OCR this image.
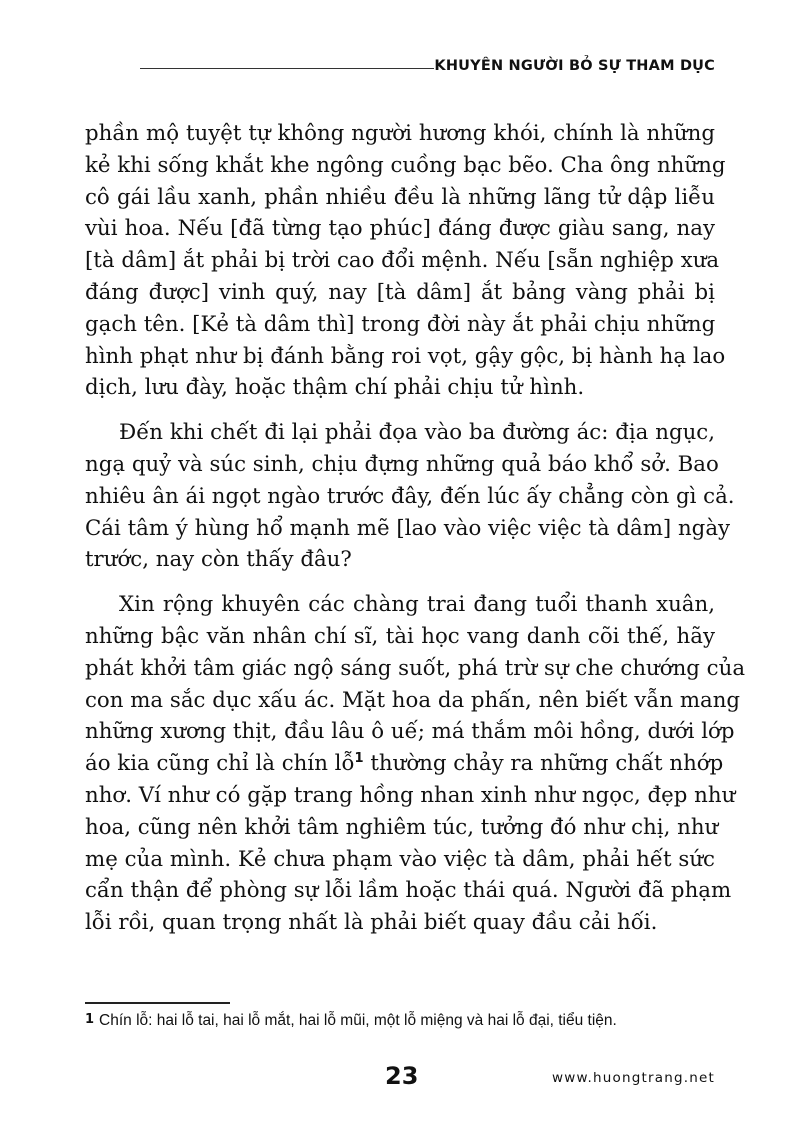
KHUYÊN NGƯỜI BỎ SỰ THAM DỤC
phần mộ tuyệt tự không người hương khói, chính là những
kẻ khi sống khắt khe ngông cuồng bạc bẽo. Cha ông những
cô gái lầu xanh, phần nhiều đều là những lãng tử dập liễu
vùi hoa. Nếu [đã từng tạo phúc] đáng được giàu sang, nay
[tà dâm] ắt phải bị trời cao đổi mệnh. Nếu [sẵn nghiệp xưa
đáng được] vinh quý, nay [tà dâm] ắt bảng vàng phải bị
gạch tên. [Kẻ tà dâm thì] trong đời này ắt phải chịu những
hình phạt như bị đánh bằng roi vọt, gậy gộc, bị hành hạ lao
dịch, lưu đày, hoặc thậm chí phải chịu tử hình.
Đến khi chết đi lại phải đọa vào ba đường ác: địa ngục,
ngạ quỷ và súc sinh, chịu đựng những quả báo khổ sở. Bao
nhiêu ân ái ngọt ngào trước đây, đến lúc ấy chẳng còn gì cả.
Cái tâm ý hùng hổ mạnh mẽ [lao vào việc việc tà dâm] ngày
trước, nay còn thấy đâu?
Xin rộng khuyên các chàng trai đang tuổi thanh xuân,
những bậc văn nhân chí sĩ, tài học vang danh cõi thế, hãy
phát khởi tâm giác ngộ sáng suốt, phá trừ sự che chướng của
con ma sắc dục xấu ác. Mặt hoa da phấn, nên biết vẫn mang
những xương thịt, đầu lâu ô uế; má thắm môi hồng, dưới lớp
áo kia cũng chỉ là chín lỗ$^1$ thường chảy ra những chất nhớp
nhơ. Ví như có gặp trang hồng nhan xinh như ngọc, đẹp như
hoa, cũng nên khởi tâm nghiêm túc, tưởng đó như chị, như
mẹ của mình. Kẻ chưa phạm vào việc tà dâm, phải hết sức
cẩn thận để phòng sự lỗi lầm hoặc thái quá. Người đã phạm
lỗi rồi, quan trọng nhất là phải biết quay đầu cải hối.
$^1$ Chín lỗ: hai lỗ tai, hai lỗ mắt, hai lỗ mũi, một lỗ miệng và hai lỗ đại, tiểu tiện.
23	www.huongtrang.net
